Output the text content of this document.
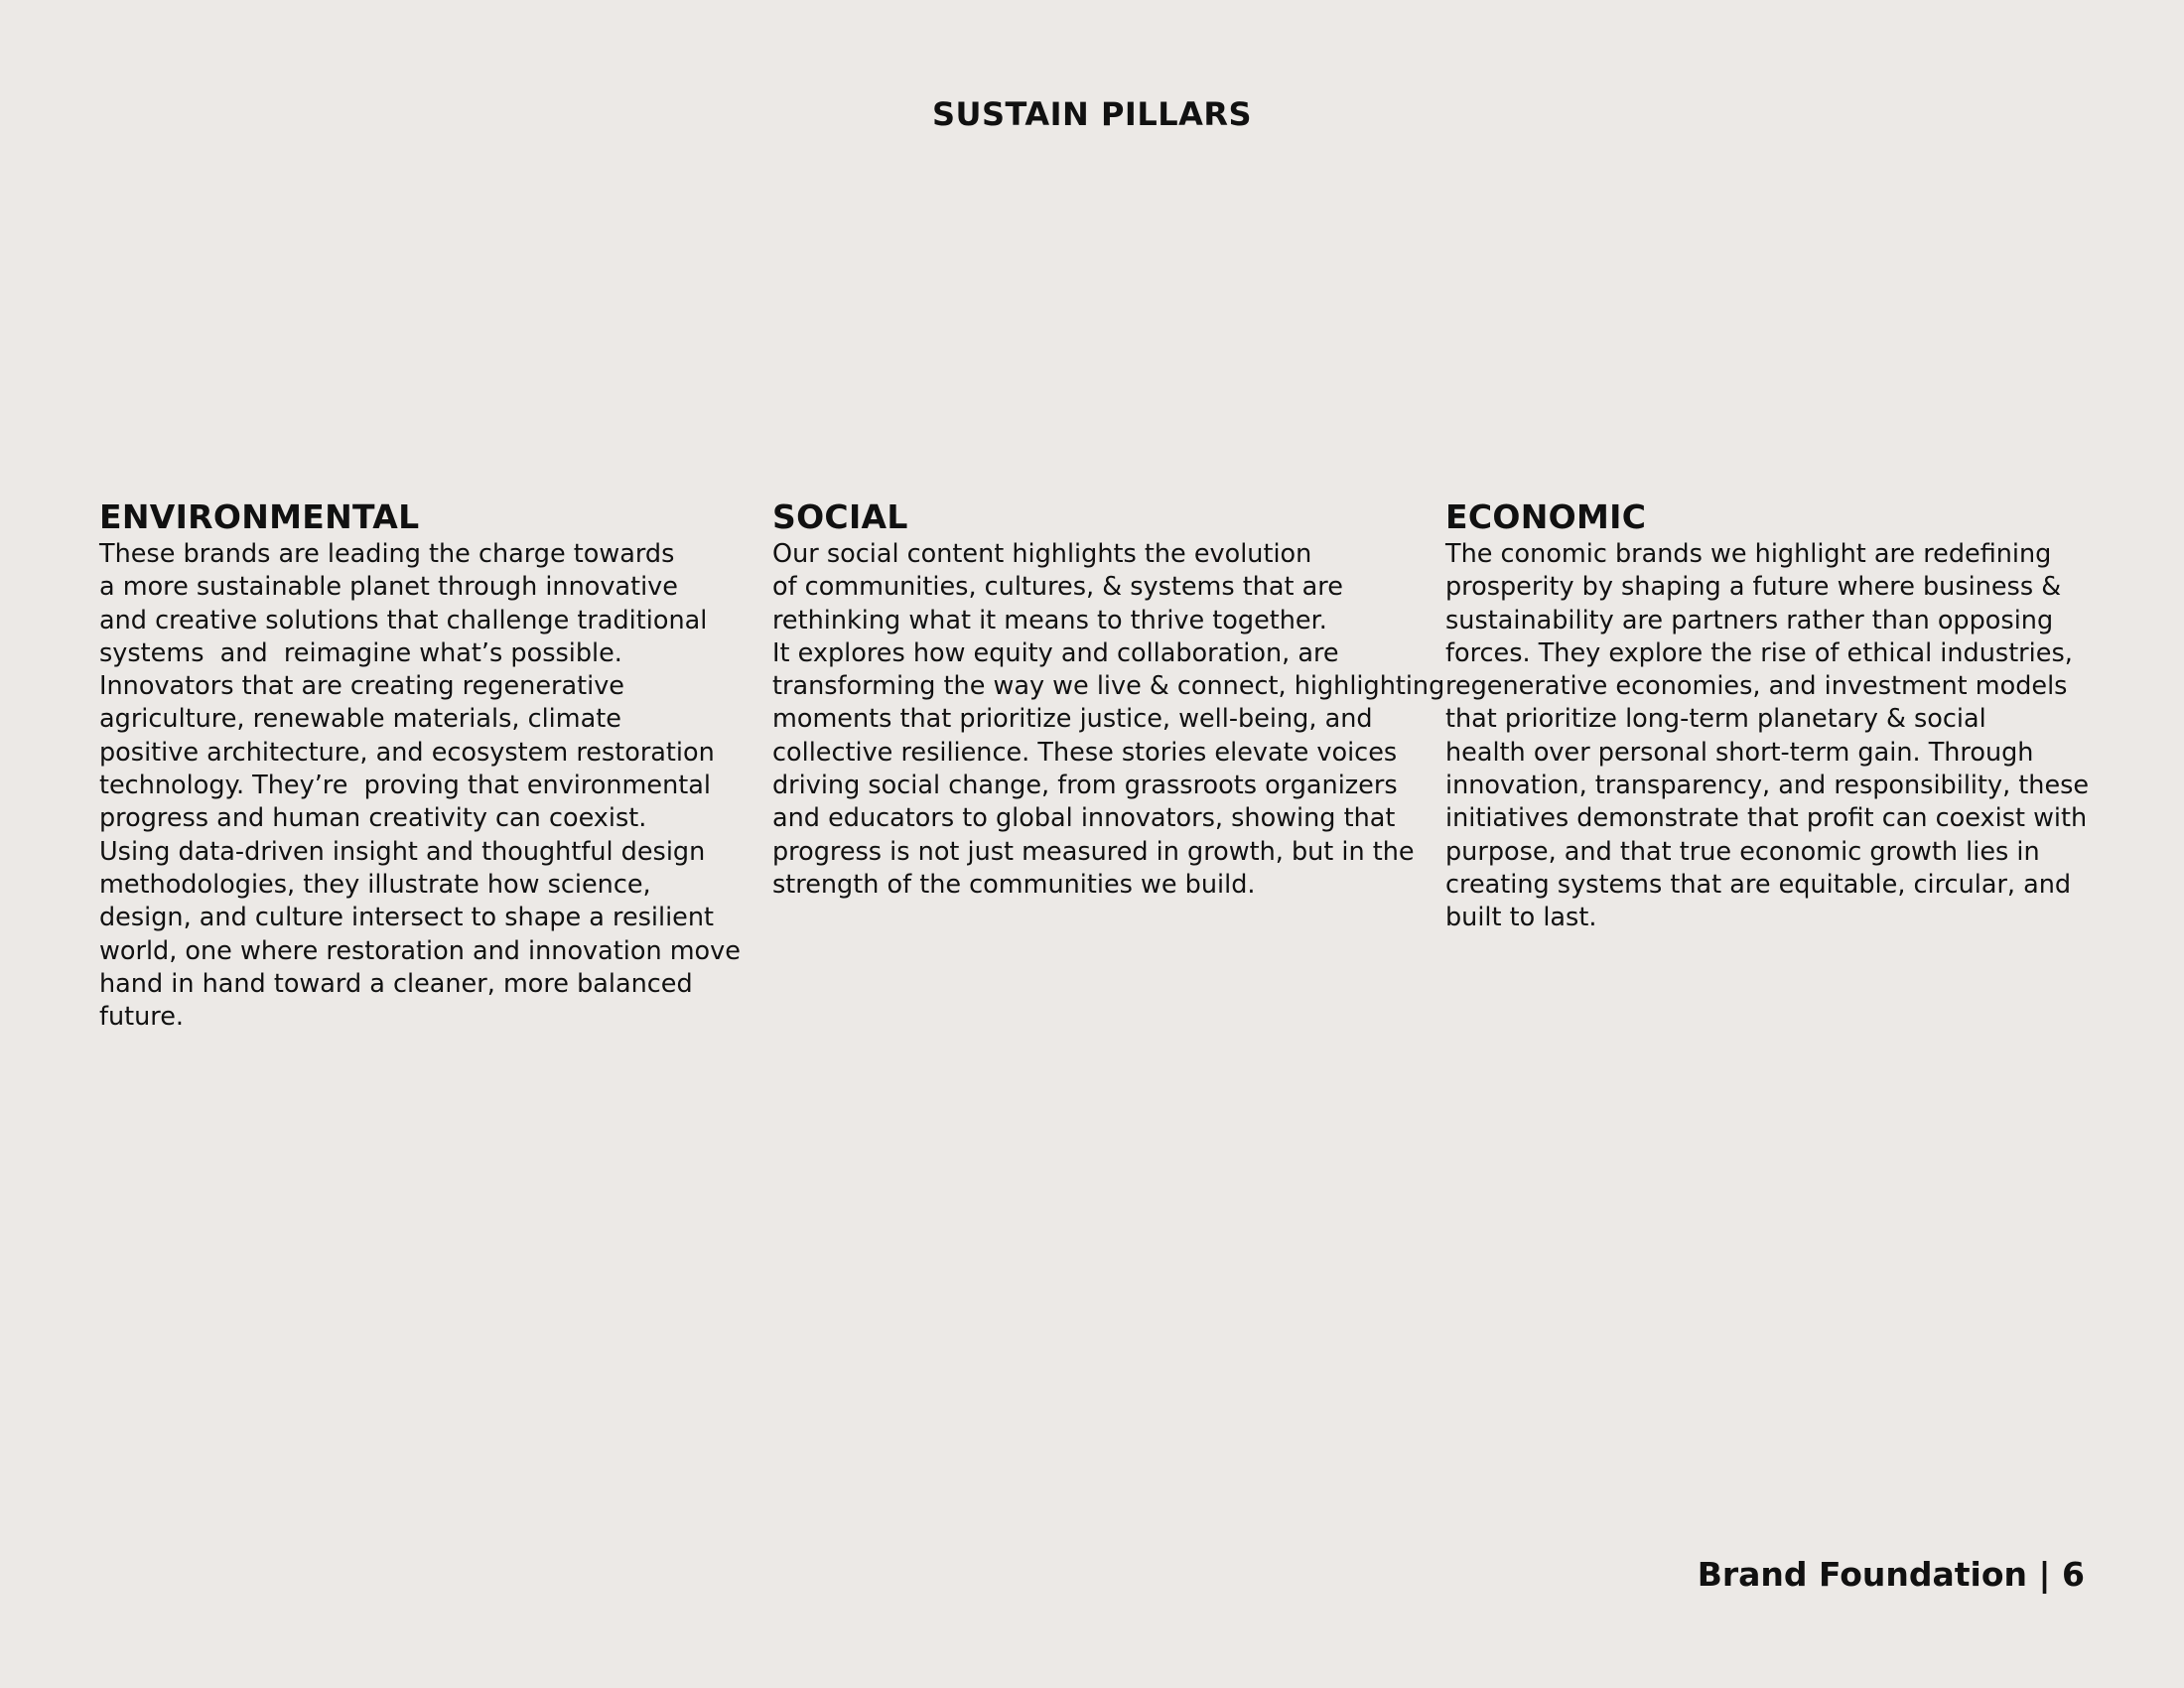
SUSTAIN PILLARS
ENVIRONMENTAL
These brands are leading the charge towards
a more sustainable planet through innovative
and creative solutions that challenge traditional
systems  and  reimagine what’s possible.
Innovators that are creating regenerative
agriculture, renewable materials, climate
positive architecture, and ecosystem restoration
technology. They’re  proving that environmental
progress and human creativity can coexist.
Using data-driven insight and thoughtful design
methodologies, they illustrate how science,
design, and culture intersect to shape a resilient
world, one where restoration and innovation move
hand in hand toward a cleaner, more balanced
future.
SOCIAL
Our social content highlights the evolution
of communities, cultures, & systems that are
rethinking what it means to thrive together.
It explores how equity and collaboration, are
transforming the way we live & connect, highlighting
moments that prioritize justice, well-being, and
collective resilience. These stories elevate voices
driving social change, from grassroots organizers
and educators to global innovators, showing that
progress is not just measured in growth, but in the
strength of the communities we build.
ECONOMIC
The conomic brands we highlight are redefining
prosperity by shaping a future where business &
sustainability are partners rather than opposing
forces. They explore the rise of ethical industries,
regenerative economies, and investment models
that prioritize long-term planetary & social
health over personal short-term gain. Through
innovation, transparency, and responsibility, these
initiatives demonstrate that profit can coexist with
purpose, and that true economic growth lies in
creating systems that are equitable, circular, and
built to last.

Brand Foundation | 6
